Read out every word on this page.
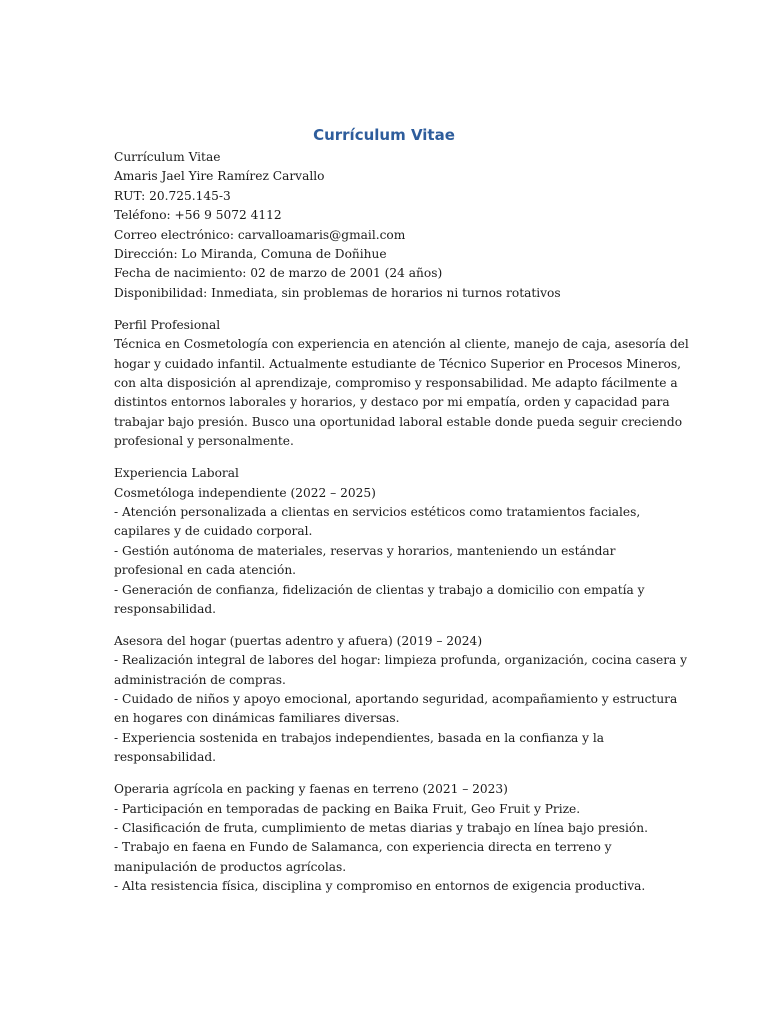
Currículum Vitae

Currículum Vitae

Amaris Jael Yire Ramírez Carvallo
RUT: 20.725.145-3
Teléfono: +56 9 5072 4112
Correo electrónico: carvalloamaris@gmail.com
Dirección: Lo Miranda, Comuna de Doñihue
Fecha de nacimiento: 02 de marzo de 2001 (24 años)
Disponibilidad: Inmediata, sin problemas de horarios ni turnos rotativos
Perfil Profesional
Técnica en Cosmetología con experiencia en atención al cliente, manejo de caja, asesoría del
hogar y cuidado infantil. Actualmente estudiante de Técnico Superior en Procesos Mineros,
con alta disposición al aprendizaje, compromiso y responsabilidad. Me adapto fácilmente a
distintos entornos laborales y horarios, y destaco por mi empatía, orden y capacidad para
trabajar bajo presión. Busco una oportunidad laboral estable donde pueda seguir creciendo
profesional y personalmente.

Experiencia Laboral

Cosmetóloga independiente (2022 – 2025)
- Atención personalizada a clientas en servicios estéticos como tratamientos faciales,
capilares y de cuidado corporal.
- Gestión autónoma de materiales, reservas y horarios, manteniendo un estándar
profesional en cada atención.
- Generación de confianza, fidelización de clientas y trabajo a domicilio con empatía y
responsabilidad.
Asesora del hogar (puertas adentro y afuera) (2019 – 2024)
- Realización integral de labores del hogar: limpieza profunda, organización, cocina casera y
administración de compras.
- Cuidado de niños y apoyo emocional, aportando seguridad, acompañamiento y estructura
en hogares con dinámicas familiares diversas.
- Experiencia sostenida en trabajos independientes, basada en la confianza y la
responsabilidad.
Operaria agrícola en packing y faenas en terreno (2021 – 2023)
- Participación en temporadas de packing en Baika Fruit, Geo Fruit y Prize.
- Clasificación de fruta, cumplimiento de metas diarias y trabajo en línea bajo presión.
- Trabajo en faena en Fundo de Salamanca, con experiencia directa en terreno y
manipulación de productos agrícolas.
- Alta resistencia física, disciplina y compromiso en entornos de exigencia productiva.
